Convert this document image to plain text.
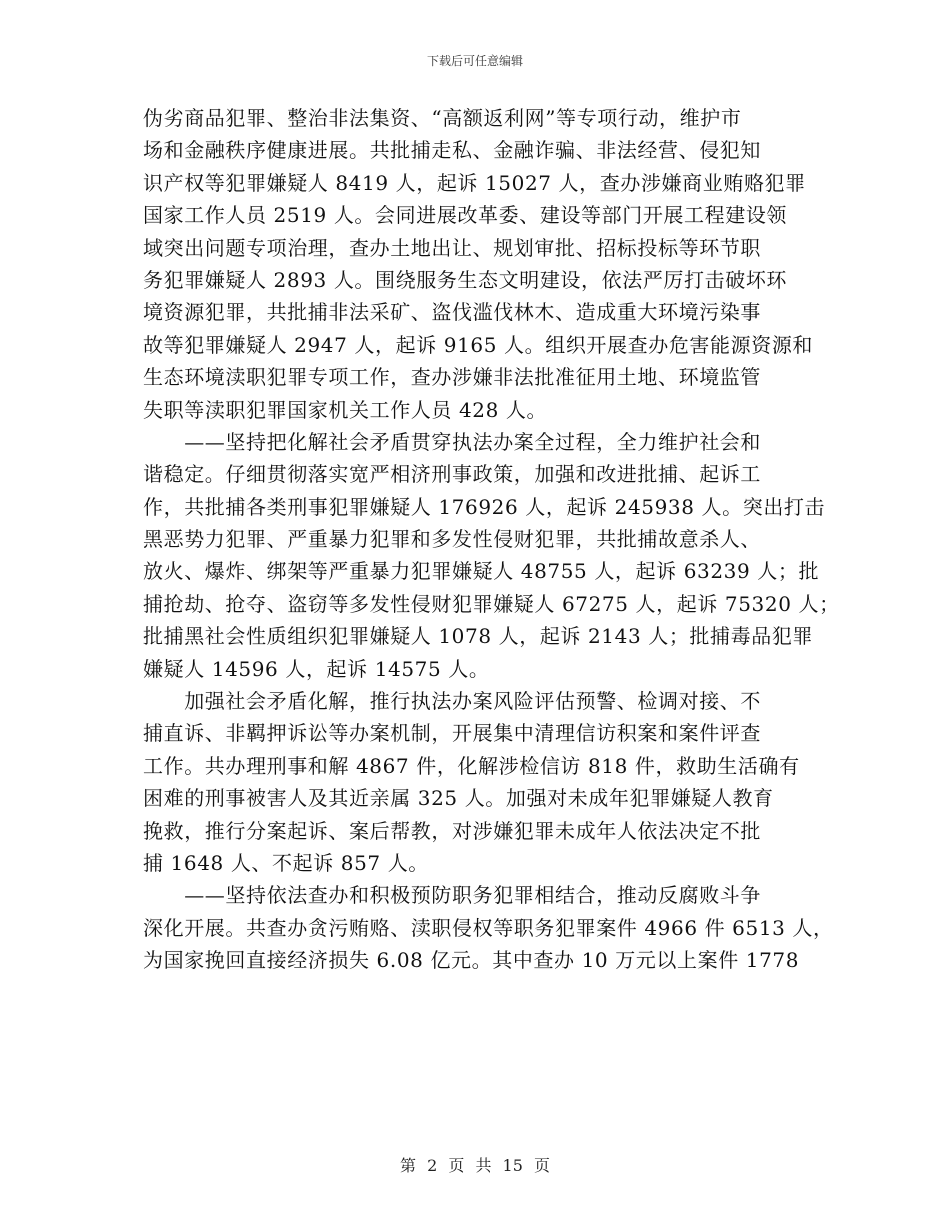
下载后可任意编辑
伪劣商品犯罪、整治非法集资、“高额返利网”等专项行动，维护市
场和金融秩序健康进展。共批捕走私、金融诈骗、非法经营、侵犯知
识产权等犯罪嫌疑人 8419 人，起诉 15027 人，查办涉嫌商业贿赂犯罪
国家工作人员 2519 人。会同进展改革委、建设等部门开展工程建设领
域突出问题专项治理，查办土地出让、规划审批、招标投标等环节职
务犯罪嫌疑人 2893 人。围绕服务生态文明建设，依法严厉打击破坏环
境资源犯罪，共批捕非法采矿、盗伐滥伐林木、造成重大环境污染事
故等犯罪嫌疑人 2947 人，起诉 9165 人。组织开展查办危害能源资源和
生态环境渎职犯罪专项工作，查办涉嫌非法批准征用土地、环境监管
失职等渎职犯罪国家机关工作人员 428 人。
　　——坚持把化解社会矛盾贯穿执法办案全过程，全力维护社会和
谐稳定。仔细贯彻落实宽严相济刑事政策，加强和改进批捕、起诉工
作，共批捕各类刑事犯罪嫌疑人 176926 人，起诉 245938 人。突出打击
黑恶势力犯罪、严重暴力犯罪和多发性侵财犯罪，共批捕故意杀人、
放火、爆炸、绑架等严重暴力犯罪嫌疑人 48755 人，起诉 63239 人；批
捕抢劫、抢夺、盗窃等多发性侵财犯罪嫌疑人 67275 人，起诉 75320 人；
批捕黑社会性质组织犯罪嫌疑人 1078 人，起诉 2143 人；批捕毒品犯罪
嫌疑人 14596 人，起诉 14575 人。
　　加强社会矛盾化解，推行执法办案风险评估预警、检调对接、不
捕直诉、非羁押诉讼等办案机制，开展集中清理信访积案和案件评查
工作。共办理刑事和解 4867 件，化解涉检信访 818 件，救助生活确有
困难的刑事被害人及其近亲属 325 人。加强对未成年犯罪嫌疑人教育
挽救，推行分案起诉、案后帮教，对涉嫌犯罪未成年人依法决定不批
捕 1648 人、不起诉 857 人。
　　——坚持依法查办和积极预防职务犯罪相结合，推动反腐败斗争
深化开展。共查办贪污贿赂、渎职侵权等职务犯罪案件 4966 件 6513 人，
为国家挽回直接经济损失 6.08 亿元。其中查办 10 万元以上案件 1778
第 2 页 共 15 页
